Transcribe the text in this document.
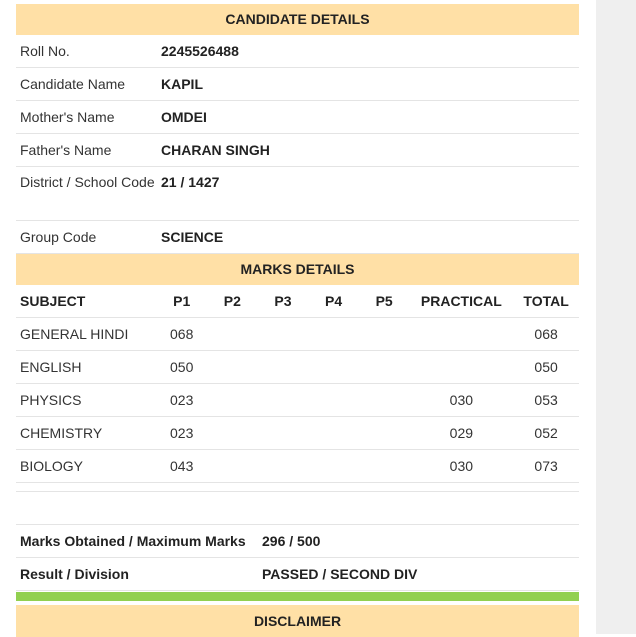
CANDIDATE DETAILS
Roll No.	2245526488
Candidate Name	KAPIL
Mother's Name	OMDEI
Father's Name	CHARAN SINGH
District / School Code 21 / 1427
Group Code	SCIENCE
MARKS DETAILS
SUBJECT	P1	P2	P3	P4	P5	PRACTICAL	TOTAL
GENERAL HINDI	068						068
ENGLISH	050						050
PHYSICS	023					030	053
CHEMISTRY	023					029	052
BIOLOGY	043					030	073
Marks Obtained / Maximum Marks	296 / 500
Result / Division	PASSED / SECOND DIV
DISCLAIMER
